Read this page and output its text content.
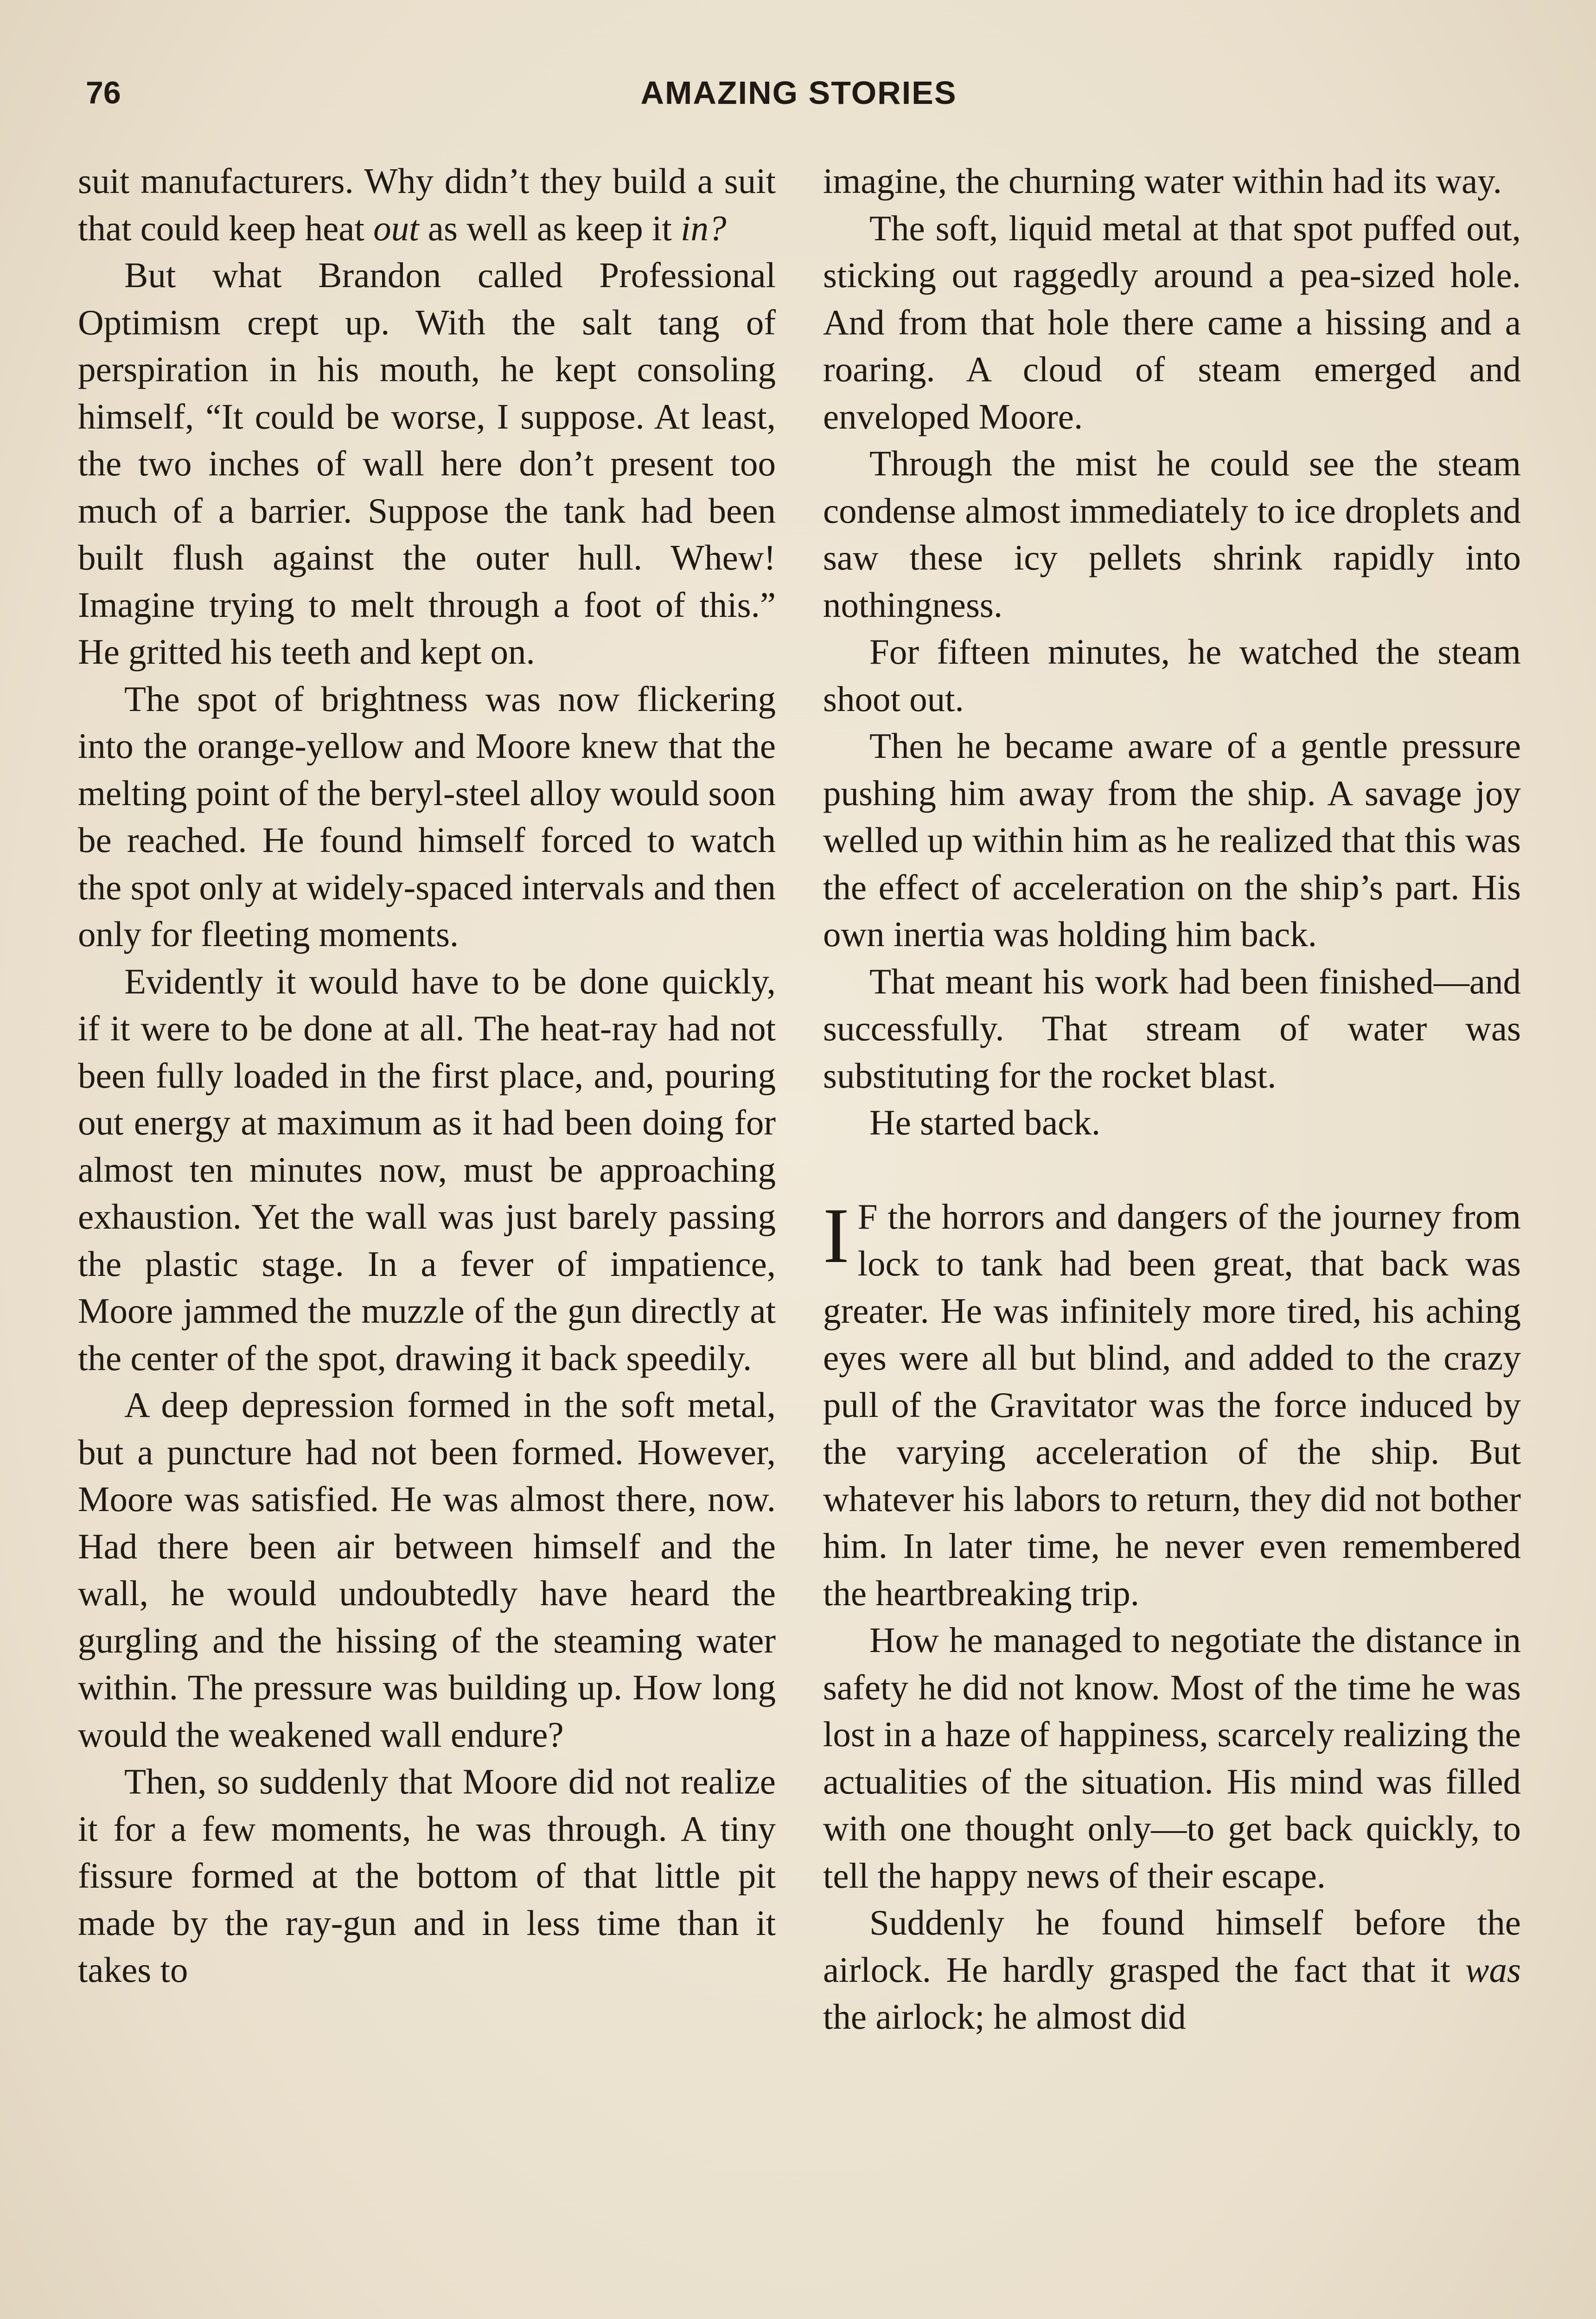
76	AMAZING STORIES

suit manufacturers. Why didn’t they build a suit that could keep heat out as well as keep it in?

But what Brandon called Professional Optimism crept up. With the salt tang of perspiration in his mouth, he kept consoling himself, “It could be worse, I suppose. At least, the two inches of wall here don’t present too much of a barrier. Suppose the tank had been built flush against the outer hull. Whew! Imagine trying to melt through a foot of this.” He gritted his teeth and kept on.

The spot of brightness was now flickering into the orange-yellow and Moore knew that the melting point of the beryl-steel alloy would soon be reached. He found himself forced to watch the spot only at widely-spaced intervals and then only for fleeting moments.

Evidently it would have to be done quickly, if it were to be done at all. The heat-ray had not been fully loaded in the first place, and, pouring out energy at maximum as it had been doing for almost ten minutes now, must be approaching exhaustion. Yet the wall was just barely passing the plastic stage. In a fever of impatience, Moore jammed the muzzle of the gun directly at the center of the spot, drawing it back speedily.

A deep depression formed in the soft metal, but a puncture had not been formed. However, Moore was satisfied. He was almost there, now. Had there been air between himself and the wall, he would undoubtedly have heard the gurgling and the hissing of the steaming water within. The pressure was building up. How long would the weakened wall endure?

Then, so suddenly that Moore did not realize it for a few moments, he was through. A tiny fissure formed at the bottom of that little pit made by the ray-gun and in less time than it takes to

imagine, the churning water within had its way.

The soft, liquid metal at that spot puffed out, sticking out raggedly around a pea-sized hole. And from that hole there came a hissing and a roaring. A cloud of steam emerged and enveloped Moore.

Through the mist he could see the steam condense almost immediately to ice droplets and saw these icy pellets shrink rapidly into nothingness.

For fifteen minutes, he watched the steam shoot out.

Then he became aware of a gentle pressure pushing him away from the ship. A savage joy welled up within him as he realized that this was the effect of acceleration on the ship’s part. His own inertia was holding him back.

That meant his work had been finished—and successfully. That stream of water was substituting for the rocket blast.

He started back.

IF the horrors and dangers of the journey from lock to tank had been great, that back was greater. He was infinitely more tired, his aching eyes were all but blind, and added to the crazy pull of the Gravitator was the force induced by the varying acceleration of the ship. But whatever his labors to return, they did not bother him. In later time, he never even remembered the heartbreaking trip.

How he managed to negotiate the distance in safety he did not know. Most of the time he was lost in a haze of happiness, scarcely realizing the actualities of the situation. His mind was filled with one thought only—to get back quickly, to tell the happy news of their escape.

Suddenly he found himself before the airlock. He hardly grasped the fact that it was the airlock; he almost did
